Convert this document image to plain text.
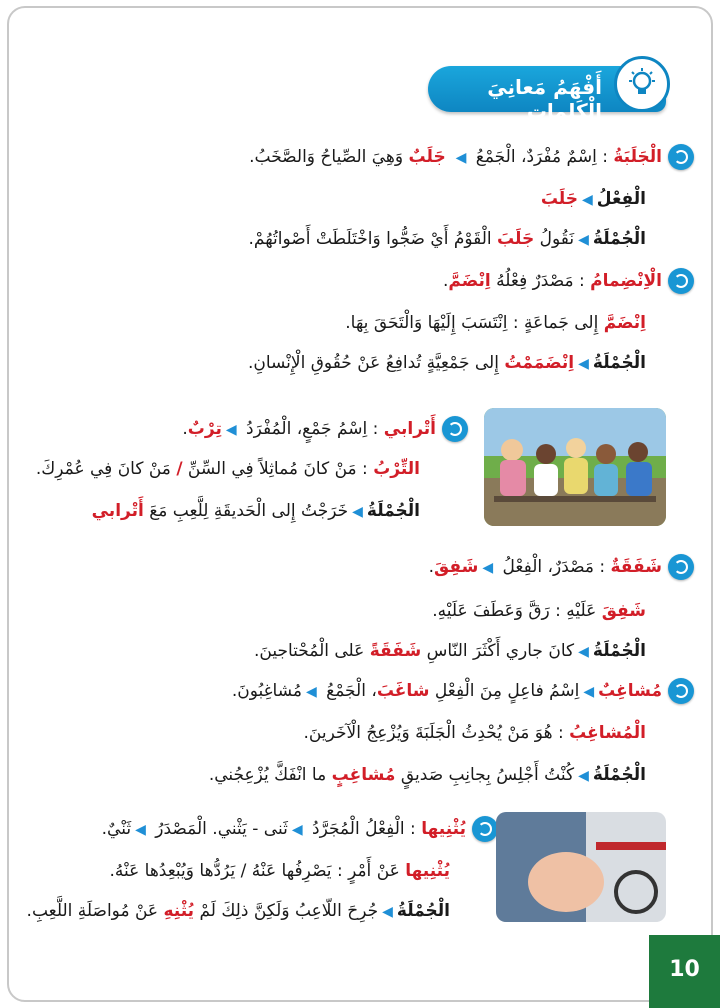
أَفْهَمُ مَعانِيَ الْكَلِماتِ
الْجَلَبَةُ : اِسْمٌ مُفْرَدٌ، الْجَمْعُ ◀ جَلَبٌ وَهِيَ الصِّياحُ وَالصَّخَبُ.
الْفِعْلُ◀جَلَبَ
الْجُمْلَةُ◀نَقُولُ جَلَبَ الْقَوْمُ أَيْ ضَجُّوا وَاخْتَلَطَتْ أَصْواتُهُمْ.
الْاِنْضِمامُ : مَصْدَرٌ فِعْلُهُ اِنْضَمَّ.
اِنْضَمَّ إِلى جَماعَةٍ : اِنْتَسَبَ إِلَيْهَا وَالْتَحَقَ بِهَا.
الْجُمْلَةُ◀اِنْضَمَمْتُ إِلى جَمْعِيَّةٍ تُدافِعُ عَنْ حُقُوقِ الْإِنْسانِ.
أَتْرابي : اِسْمُ جَمْعٍ، الْمُفْرَدُ ◀تِرْبٌ.
التِّرْبُ : مَنْ كانَ مُماثِلاً فِي السِّنِّ / مَنْ كانَ فِي عُمْرِكَ.
الْجُمْلَةُ◀خَرَجْتُ إِلى الْحَديقَةِ لِلَّعِبِ مَعَ أَتْرابي
شَفَقَةٌ : مَصْدَرٌ، الْفِعْلُ ◀شَفِقَ.
شَفِقَ عَلَيْهِ : رَقَّ وَعَطَفَ عَلَيْهِ.
الْجُمْلَةُ◀كانَ جاري أَكْثَرَ النّاسِ شَفَقَةً عَلى الْمُحْتاجينَ.
مُشاغِبٌ◀اِسْمُ فاعِلٍ مِنَ الْفِعْلِ شاغَبَ، الْجَمْعُ ◀مُشاغِبُونَ.
الْمُشاغِبُ : هُوَ مَنْ يُحْدِثُ الْجَلَبَةَ وَيُزْعِجُ الْآخَرينَ.
الْجُمْلَةُ◀كُنْتُ أَجْلِسُ بِجانِبِ صَديقٍ مُشاغِبٍ ما انْفَكَّ يُزْعِجُني.
يُثْنِيها : الْفِعْلُ الْمُجَرَّدُ ◀ثَنى - يَثْني. الْمَصْدَرُ ◀ثَنْيٌ.
يُثْنِيها عَنْ أَمْرٍ : يَصْرِفُها عَنْهُ / يَرُدُّها وَيُبْعِدُها عَنْهُ.
الْجُمْلَةُ◀جُرِحَ اللّاعِبُ وَلَكِنَّ ذلِكَ لَمْ يُثْنِهِ عَنْ مُواصَلَةِ اللَّعِبِ.
10
